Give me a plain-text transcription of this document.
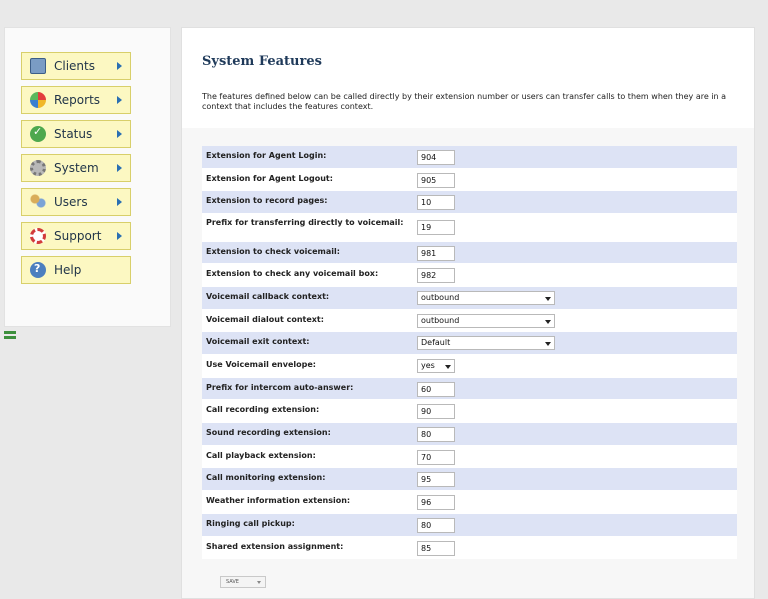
Clients
Reports
✓
Status
System
Users
Support
?
Help
System Features

The features defined below can be called directly by their extension number or users can transfer calls to them when they are in a context that includes the features context.

Extension for Agent Login:
904
Extension for Agent Logout:
905
Extension to record pages:
10
Prefix for transferring directly to voicemail:
19
Extension to check voicemail:
981
Extension to check any voicemail box:
982
Voicemail callback context:	outbound
Voicemail dialout context:	outbound
Voicemail exit context:	Default
Use Voicemail envelope:	yes
Prefix for intercom auto-answer:
60
Call recording extension:
90
Sound recording extension:
80
Call playback extension:
70
Call monitoring extension:
95
Weather information extension:
96
Ringing call pickup:
80
Shared extension assignment:
85
SAVE
